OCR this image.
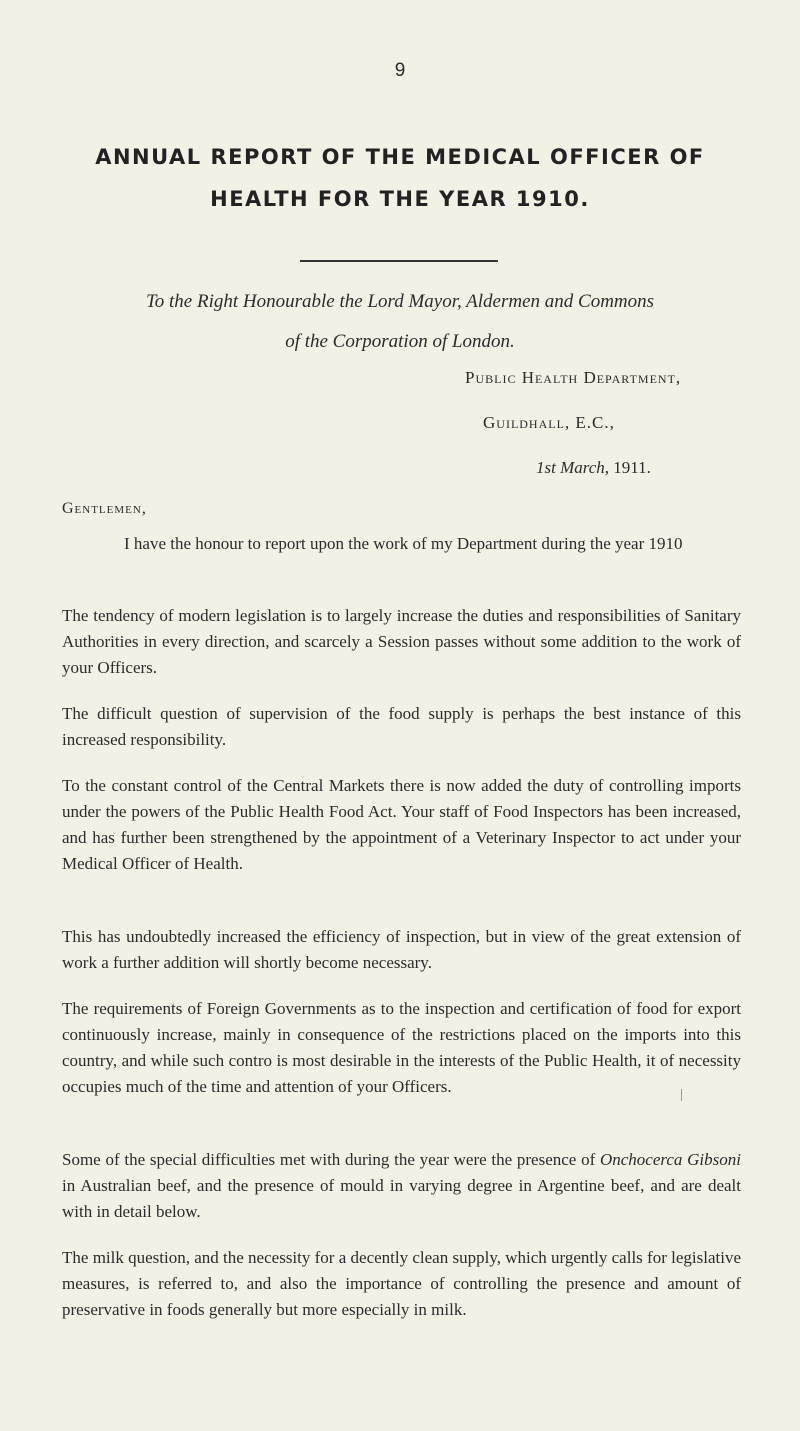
9
ANNUAL REPORT OF THE MEDICAL OFFICER OF
HEALTH FOR THE YEAR 1910.
To the Right Honourable the Lord Mayor, Aldermen and Commons
of the Corporation of London.
Public Health Department,
Guildhall, E.C.,
1st March, 1911.
Gentlemen,

I have the honour to report upon the work of my Department during the year 1910

The tendency of modern legislation is to largely increase the duties and responsibilities of Sanitary Authorities in every direction, and scarcely a Session passes without some addition to the work of your Officers.

The difficult question of supervision of the food supply is perhaps the best instance of this increased responsibility.

To the constant control of the Central Markets there is now added the duty of controlling imports under the powers of the Public Health Food Act. Your staff of Food Inspectors has been increased, and has further been strengthened by the appointment of a Veterinary Inspector to act under your Medical Officer of Health.

This has undoubtedly increased the efficiency of inspection, but in view of the great extension of work a further addition will shortly become necessary.

The requirements of Foreign Governments as to the inspection and certification of food for export continuously increase, mainly in consequence of the restrictions placed on the imports into this country, and while such contro is most desirable in the interests of the Public Health, it of necessity occupies much of the time and attention of your Officers.

Some of the special difficulties met with during the year were the presence of Onchocerca Gibsoni in Australian beef, and the presence of mould in varying degree in Argentine beef, and are dealt with in detail below.

The milk question, and the necessity for a decently clean supply, which urgently calls for legislative measures, is referred to, and also the importance of controlling the presence and amount of preservative in foods generally but more especially in milk.
